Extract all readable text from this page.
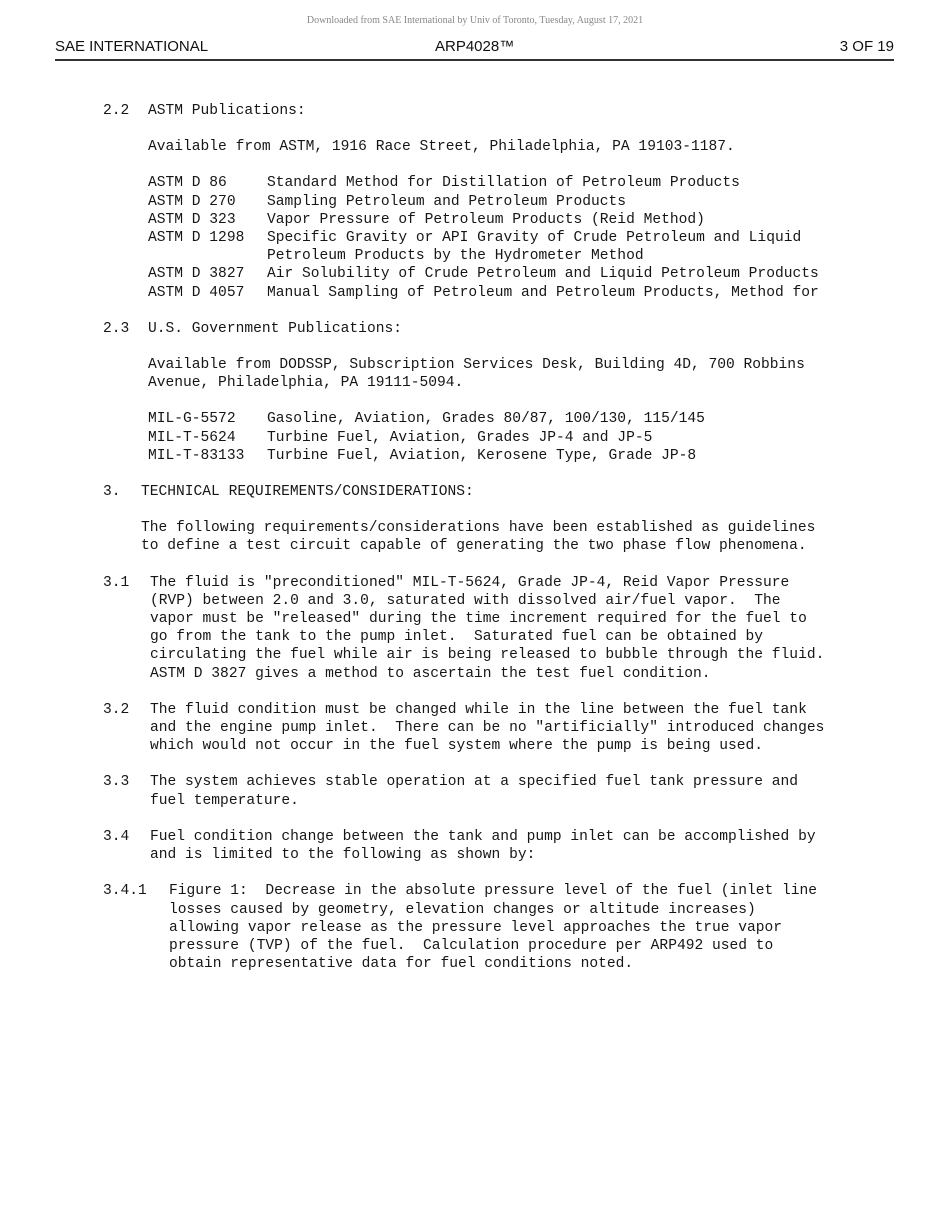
Downloaded from SAE International by Univ of Toronto, Tuesday, August 17, 2021
SAE INTERNATIONAL	ARP4028™	3 OF 19
2.2	ASTM Publications:
Available from ASTM, 1916 Race Street, Philadelphia, PA 19103-1187.
ASTM D 86	Standard Method for Distillation of Petroleum Products
ASTM D 270	Sampling Petroleum and Petroleum Products
ASTM D 323	Vapor Pressure of Petroleum Products (Reid Method)
ASTM D 1298	Specific Gravity or API Gravity of Crude Petroleum and Liquid
Petroleum Products by the Hydrometer Method
ASTM D 3827	Air Solubility of Crude Petroleum and Liquid Petroleum Products
ASTM D 4057	Manual Sampling of Petroleum and Petroleum Products, Method for
2.3	U.S. Government Publications:
Available from DODSSP, Subscription Services Desk, Building 4D, 700 Robbins
Avenue, Philadelphia, PA 19111-5094.
MIL-G-5572	Gasoline, Aviation, Grades 80/87, 100/130, 115/145
MIL-T-5624	Turbine Fuel, Aviation, Grades JP-4 and JP-5
MIL-T-83133	Turbine Fuel, Aviation, Kerosene Type, Grade JP-8
3.	TECHNICAL REQUIREMENTS/CONSIDERATIONS:
The following requirements/considerations have been established as guidelines
to define a test circuit capable of generating the two phase flow phenomena.
3.1	The fluid is "preconditioned" MIL-T-5624, Grade JP-4, Reid Vapor Pressure
(RVP) between 2.0 and 3.0, saturated with dissolved air/fuel vapor.  The
vapor must be "released" during the time increment required for the fuel to
go from the tank to the pump inlet.  Saturated fuel can be obtained by
circulating the fuel while air is being released to bubble through the fluid.
ASTM D 3827 gives a method to ascertain the test fuel condition.
3.2	The fluid condition must be changed while in the line between the fuel tank
and the engine pump inlet.  There can be no "artificially" introduced changes
which would not occur in the fuel system where the pump is being used.
3.3	The system achieves stable operation at a specified fuel tank pressure and
fuel temperature.
3.4	Fuel condition change between the tank and pump inlet can be accomplished by
and is limited to the following as shown by:
3.4.1	Figure 1:  Decrease in the absolute pressure level of the fuel (inlet line
losses caused by geometry, elevation changes or altitude increases)
allowing vapor release as the pressure level approaches the true vapor
pressure (TVP) of the fuel.  Calculation procedure per ARP492 used to
obtain representative data for fuel conditions noted.
